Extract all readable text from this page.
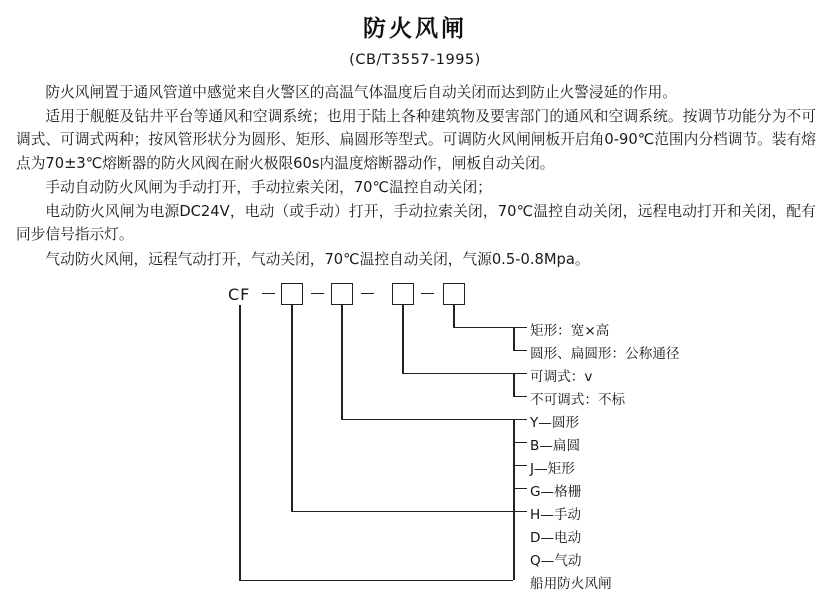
防火风闸
(CB/T3557-1995)

防火风闸置于通风管道中感觉来自火警区的高温气体温度后自动关闭而达到防止火警浸延的作用。

适用于舰艇及钻井平台等通风和空调系统；也用于陆上各种建筑物及要害部门的通风和空调系统。按调节功能分为不可调式、可调式两种；按风管形状分为圆形、矩形、扁圆形等型式。可调防火风闸闸板开启角0-90℃范围内分档调节。装有熔点为70±3℃熔断器的防火风阀在耐火极限60s内温度熔断器动作，闸板自动关闭。

手动自动防火风闸为手动打开，手动拉索关闭，70℃温控自动关闭；

电动防火风闸为电源DC24V，电动（或手动）打开，手动拉索关闭，70℃温控自动关闭，远程电动打开和关闭，配有同步信号指示灯。

气动防火风闸，远程气动打开，气动关闭，70℃温控自动关闭，气源0.5-0.8Mpa。

CF
矩形：宽×高
圆形、扁圆形：公称通径
可调式：v
不可调式：不标
Y—圆形
B—扁圆
J—矩形
G—格栅
H—手动
D—电动
Q—气动
船用防火风闸
